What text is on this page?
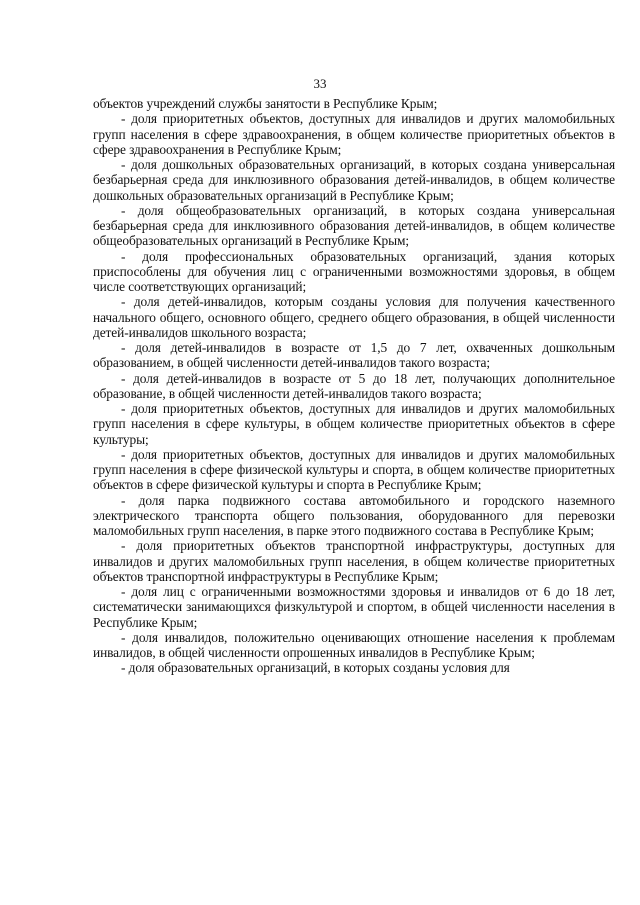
33

объектов учреждений службы занятости в Республике Крым;

- доля приоритетных объектов, доступных для инвалидов и других маломобильных групп населения в сфере здравоохранения, в общем количестве приоритетных объектов в сфере здравоохранения в Республике Крым;

- доля дошкольных образовательных организаций, в которых создана универсальная безбарьерная среда для инклюзивного образования детей-инвалидов, в общем количестве дошкольных образовательных организаций в Республике Крым;

- доля общеобразовательных организаций, в которых создана универсальная безбарьерная среда для инклюзивного образования детей-инвалидов, в общем количестве общеобразовательных организаций в Республике Крым;

- доля профессиональных образовательных организаций, здания которых приспособлены для обучения лиц с ограниченными возможностями здоровья, в общем числе соответствующих организаций;

- доля детей-инвалидов, которым созданы условия для получения качественного начального общего, основного общего, среднего общего образования, в общей численности детей-инвалидов школьного возраста;

- доля детей-инвалидов в возрасте от 1,5 до 7 лет, охваченных дошкольным образованием, в общей численности детей-инвалидов такого возраста;

- доля детей-инвалидов в возрасте от 5 до 18 лет, получающих дополнительное образование, в общей численности детей-инвалидов такого возраста;

- доля приоритетных объектов, доступных для инвалидов и других маломобильных групп населения в сфере культуры, в общем количестве приоритетных объектов в сфере культуры;

- доля приоритетных объектов, доступных для инвалидов и других маломобильных групп населения в сфере физической культуры и спорта, в общем количестве приоритетных объектов в сфере физической культуры и спорта в Республике Крым;

- доля парка подвижного состава автомобильного и городского наземного электрического транспорта общего пользования, оборудованного для перевозки маломобильных групп населения, в парке этого подвижного состава в Республике Крым;

- доля приоритетных объектов транспортной инфраструктуры, доступных для инвалидов и других маломобильных групп населения, в общем количестве приоритетных объектов транспортной инфраструктуры в Республике Крым;

- доля лиц с ограниченными возможностями здоровья и инвалидов от 6 до 18 лет, систематически занимающихся физкультурой и спортом, в общей численности населения в Республике Крым;

- доля инвалидов, положительно оценивающих отношение населения к проблемам инвалидов, в общей численности опрошенных инвалидов в Республике Крым;

- доля образовательных организаций, в которых созданы условия для
